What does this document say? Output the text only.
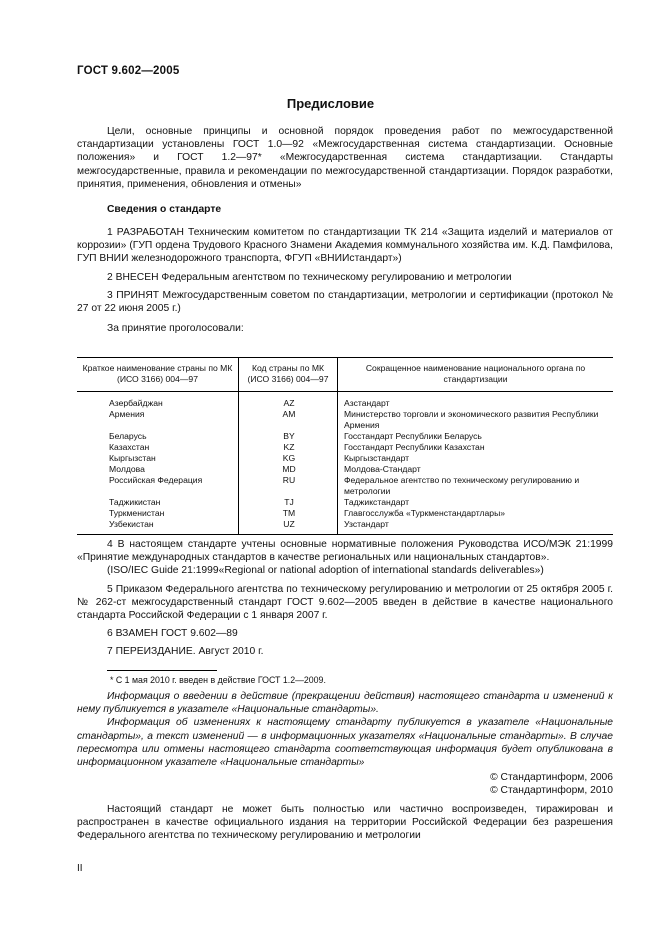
ГОСТ 9.602—2005
Предисловие

Цели, основные принципы и основной порядок проведения работ по межгосударственной стандартизации установлены ГОСТ 1.0—92 «Межгосударственная система стандартизации. Основные положения» и ГОСТ 1.2—97* «Межгосударственная система стандартизации. Стандарты межгосударственные, правила и рекомендации по межгосударственной стандартизации. Порядок разработки, принятия, применения, обновления и отмены»

Сведения о стандарте

1 РАЗРАБОТАН Техническим комитетом по стандартизации ТК 214 «Защита изделий и материалов от коррозии» (ГУП ордена Трудового Красного Знамени Академия коммунального хозяйства им. К.Д. Памфилова, ГУП ВНИИ железнодорожного транспорта, ФГУП «ВНИИстандарт»)

2 ВНЕСЕН Федеральным агентством по техническому регулированию и метрологии

3 ПРИНЯТ Межгосударственным советом по стандартизации, метрологии и сертификации (протокол № 27 от 22 июня 2005 г.)

За принятие проголосовали:

Краткое наименование страны по МК (ИСО 3166) 004—97	Код страны по МК (ИСО 3166) 004—97	Сокращенное наименование национального органа по стандартизации
Азербайджан	AZ	Азстандарт
Армения	AM	Министерство торговли и экономического развития Республики Армения
Беларусь	BY	Госстандарт Республики Беларусь
Казахстан	KZ	Госстандарт Республики Казахстан
Кыргызстан	KG	Кыргызстандарт
Молдова	MD	Молдова-Стандарт
Российская Федерация	RU	Федеральное агентство по техническому регулированию и метрологии
Таджикистан	TJ	Таджикстандарт
Туркменистан	TM	Главгосслужба «Туркменстандартлары»
Узбекистан	UZ	Узстандарт

4 В настоящем стандарте учтены основные нормативные положения Руководства ИСО/МЭК 21:1999 «Принятие международных стандартов в качестве региональных или национальных стандартов».

(ISO/IEC Guide 21:1999«Regional or national adoption of international standards deliverables»)

5 Приказом Федерального агентства по техническому регулированию и метрологии от 25 октября 2005 г. № 262-ст межгосударственный стандарт ГОСТ 9.602—2005 введен в действие в качестве национального стандарта Российской Федерации с 1 января 2007 г.

6 ВЗАМЕН ГОСТ 9.602—89

7 ПЕРЕИЗДАНИЕ. Август 2010 г.

* С 1 мая 2010 г. введен в действие ГОСТ 1.2—2009.

Информация о введении в действие (прекращении действия) настоящего стандарта и изменений к нему публикуется в указателе «Национальные стандарты».

Информация об изменениях к настоящему стандарту публикуется в указателе «Национальные стандарты», а текст изменений — в информационных указателях «Национальные стандарты». В случае пересмотра или отмены настоящего стандарта соответствующая информация будет опубликована в информационном указателе «Национальные стандарты»

© Стандартинформ, 2006
© Стандартинформ, 2010

Настоящий стандарт не может быть полностью или частично воспроизведен, тиражирован и распространен в качестве официального издания на территории Российской Федерации без разрешения Федерального агентства по техническому регулированию и метрологии

II
